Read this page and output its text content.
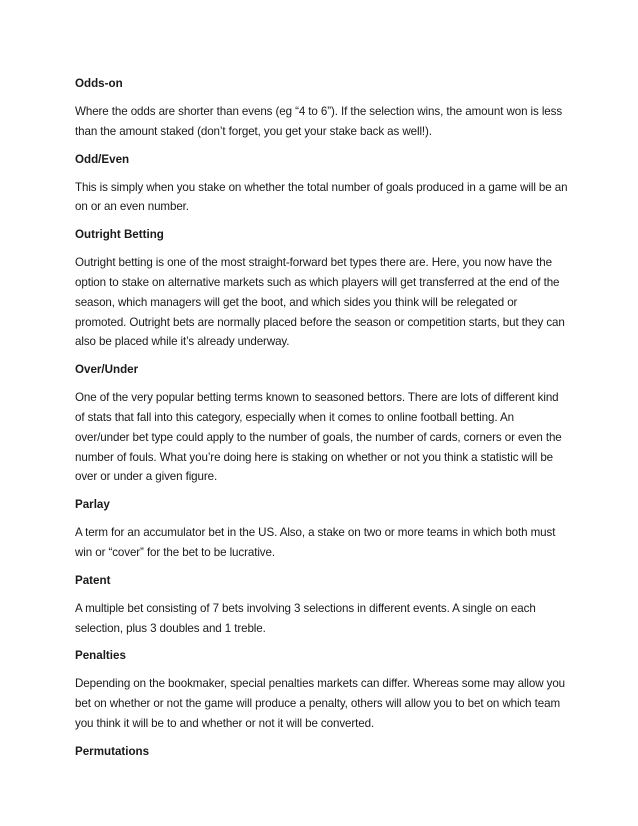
Odds-on

Where the odds are shorter than evens (eg “4 to 6”). If the selection wins, the amount won is less than the amount staked (don’t forget, you get your stake back as well!).

Odd/Even

This is simply when you stake on whether the total number of goals produced in a game will be an on or an even number.

Outright Betting

Outright betting is one of the most straight-forward bet types there are. Here, you now have the option to stake on alternative markets such as which players will get transferred at the end of the season, which managers will get the boot, and which sides you think will be relegated or promoted. Outright bets are normally placed before the season or competition starts, but they can also be placed while it’s already underway.

Over/Under

One of the very popular betting terms known to seasoned bettors. There are lots of different kind of stats that fall into this category, especially when it comes to online football betting. An over/under bet type could apply to the number of goals, the number of cards, corners or even the number of fouls. What you’re doing here is staking on whether or not you think a statistic will be over or under a given figure.

Parlay

A term for an accumulator bet in the US. Also, a stake on two or more teams in which both must win or “cover” for the bet to be lucrative.

Patent

A multiple bet consisting of 7 bets involving 3 selections in different events. A single on each selection, plus 3 doubles and 1 treble.

Penalties

Depending on the bookmaker, special penalties markets can differ. Whereas some may allow you bet on whether or not the game will produce a penalty, others will allow you to bet on which team you think it will be to and whether or not it will be converted.

Permutations
